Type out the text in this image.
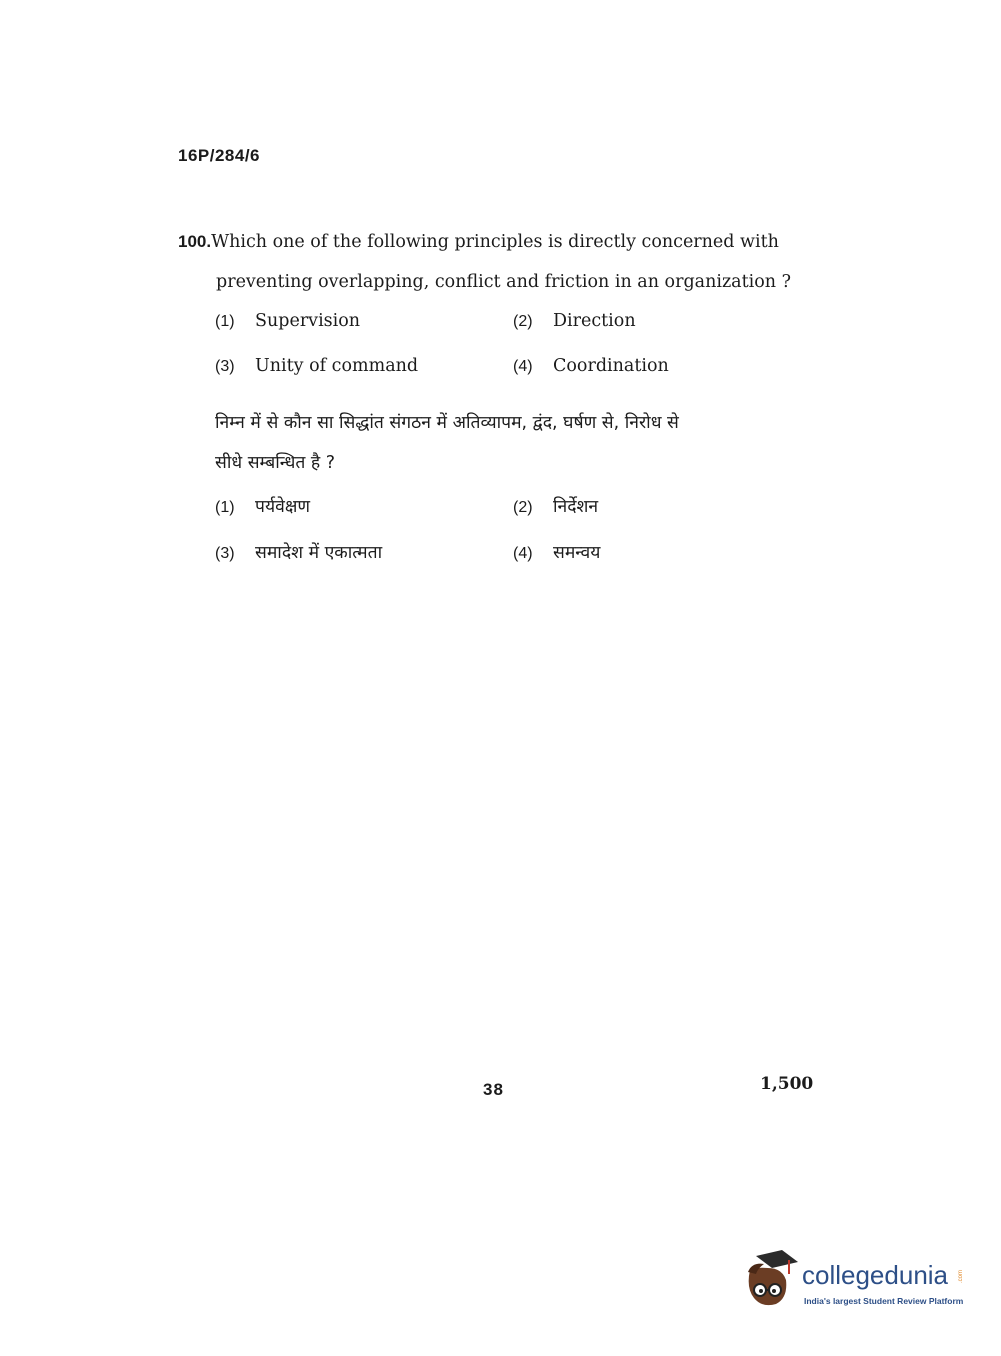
16P/284/6
100.Which one of the following principles is directly concerned with
preventing overlapping, conflict and friction in an organization ?
(1) Supervision	(2) Direction
(3) Unity of command	(4) Coordination
निम्न में से कौन सा सिद्धांत संगठन में अतिव्यापम, द्वंद, घर्षण से, निरोध से
सीधे सम्बन्धित है ?
(1) पर्यवेक्षण	(2) निर्देशन
(3) समादेश में एकात्मता	(4) समन्वय
38	1,500
collegedunia .com
India's largest Student Review Platform
